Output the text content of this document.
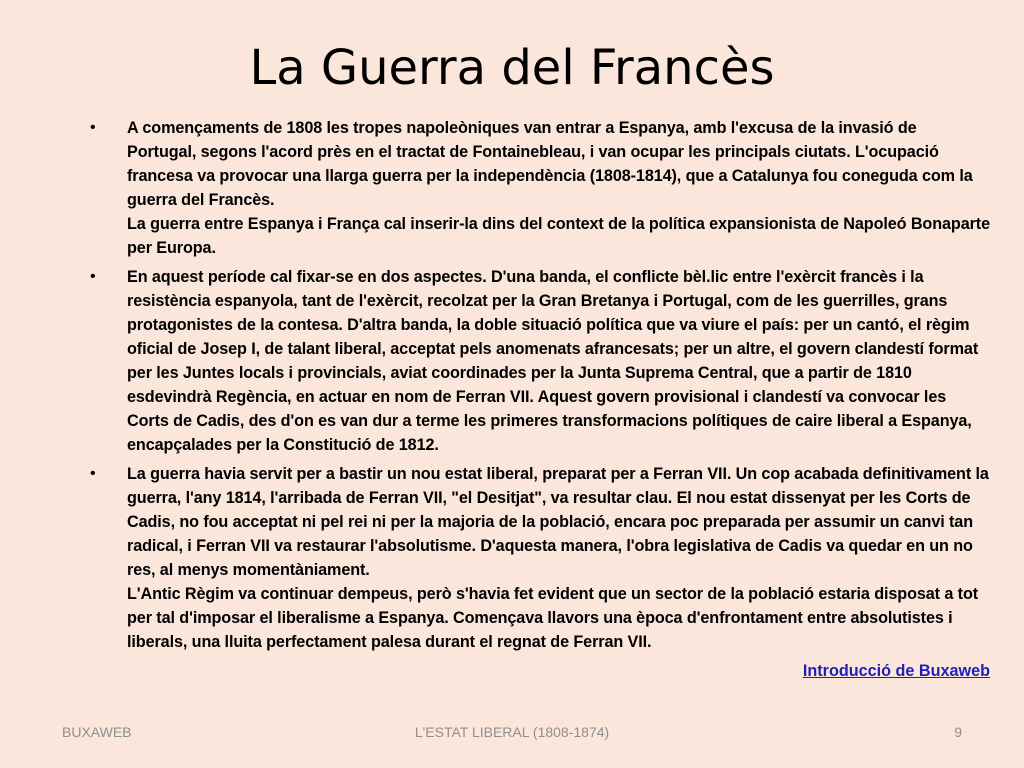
La Guerra del Francès
• A començaments de 1808 les tropes napoleòniques van entrar a Espanya, amb l'excusa de la invasió de Portugal, segons l'acord près en el tractat de Fontainebleau, i van ocupar les principals ciutats. L'ocupació francesa va provocar una llarga guerra per la independència (1808-1814), que a Catalunya fou coneguda com la guerra del Francès.
La guerra entre Espanya i França cal inserir-la dins del context de la política expansionista de Napoleó Bonaparte per Europa.
• En aquest període cal fixar-se en dos aspectes. D'una banda, el conflicte bèl.lic entre l'exèrcit francès i la resistència espanyola, tant de l'exèrcit, recolzat per la Gran Bretanya i Portugal, com de les guerrilles, grans protagonistes de la contesa. D'altra banda, la doble situació política que va viure el país: per un cantó, el règim oficial de Josep I, de talant liberal, acceptat pels anomenats afrancesats; per un altre, el govern clandestí format per les Juntes locals i provincials, aviat coordinades per la Junta Suprema Central, que a partir de 1810 esdevindrà Regència, en actuar en nom de Ferran VII. Aquest govern provisional i clandestí va convocar les Corts de Cadis, des d'on es van dur a terme les primeres transformacions polítiques de caire liberal a Espanya, encapçalades per la Constitució de 1812.
• La guerra havia servit per a bastir un nou estat liberal, preparat per a Ferran VII. Un cop acabada definitivament la guerra, l'any 1814, l'arribada de Ferran VII, "el Desitjat", va resultar clau. El nou estat dissenyat per les Corts de Cadis, no fou acceptat ni pel rei ni per la majoria de la població, encara poc preparada per assumir un canvi tan radical, i Ferran VII va restaurar l'absolutisme. D'aquesta manera, l'obra legislativa de Cadis va quedar en un no res, al menys momentàniament.
L'Antic Règim va continuar dempeus, però s'havia fet evident que un sector de la població estaria disposat a tot per tal d'imposar el liberalisme a Espanya. Començava llavors una època d'enfrontament entre absolutistes i liberals, una lluita perfectament palesa durant el regnat de Ferran VII.
Introducció de Buxaweb
BUXAWEB	L'ESTAT LIBERAL (1808-1874)	9
